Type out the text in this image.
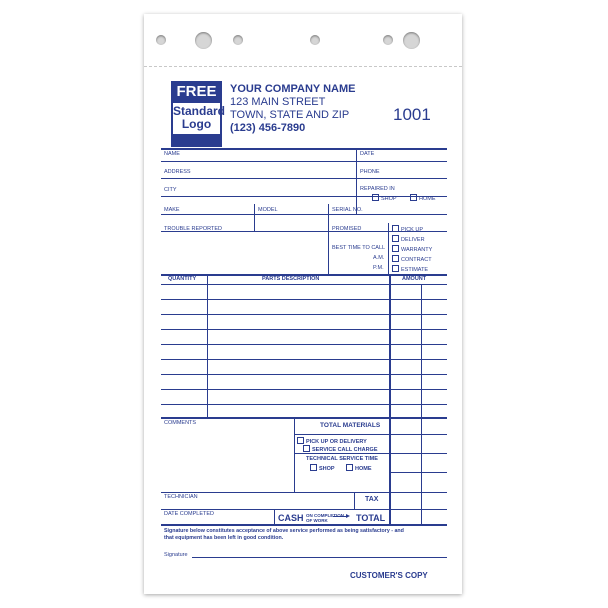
FREE
Standard Logo
YOUR COMPANY NAME
123 MAIN STREET
TOWN, STATE AND ZIP
(123) 456-7890
1001
NAME	DATE
ADDRESS	PHONE
CITY	REPAIRED IN
SHOP	HOME
MAKE	MODEL	SERIAL NO.
TROUBLE REPORTED	PROMISED
BEST TIME TO CALL
A.M.
P.M.
PICK UP
DELIVER
WARRANTY
CONTRACT
ESTIMATE
QUANTITY	PARTS DESCRIPTION	AMOUNT
COMMENTS	TOTAL MATERIALS
PICK UP OR DELIVERY
SERVICE CALL CHARGE
TECHNICAL SERVICE TIME
SHOP	HOME
TECHNICIAN	TAX
DATE COMPLETED	CASH ON COMPLETION
OF WORK	TOTAL
Signature below constitutes acceptance of above service performed as being satisfactory - and
that equipment has been left in good condition.
Signature
CUSTOMER'S COPY
